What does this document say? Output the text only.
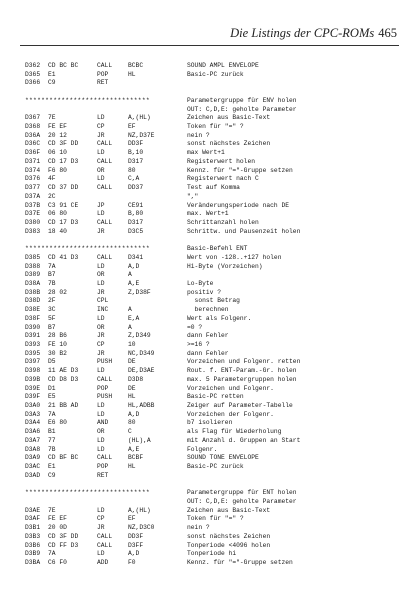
Die Listings der CPC-ROMs 465
D362 CD BC BC	CALL	BCBC	SOUND AMPL ENVELOPE
D365 E1	POP	HL	Basic-PC zurück
D366 C9	RET
*******************************	Parametergruppe für ENV holen
OUT: C,D,E: geholte Parameter
D367 7E	LD	A,(HL)	Zeichen aus Basic-Text
D368 FE EF	CP	EF	Token für "=" ?
D36A 20 12	JR	NZ,D37E	nein ?
D36C CD 3F DD	CALL	DD3F	sonst nächstes Zeichen
D36F 06 10	LD	B,10	max Wert+1
D371 CD 17 D3	CALL	D317	Registerwert holen
D374 F6 80	OR	80	Kennz. für "="-Gruppe setzen
D376 4F	LD	C,A	Registerwert nach C
D377 CD 37 DD	CALL	DD37	Test auf Komma
D37A 2C	","
D37B C3 91 CE	JP	CE91	Veränderungsperiode nach DE
D37E 06 80	LD	B,80	max. Wert+1
D380 CD 17 D3	CALL	D317	Schrittanzahl holen
D383 18 40	JR	D3C5	Schrittw. und Pausenzeit holen
*******************************	Basic-Befehl ENT
D385 CD 41 D3	CALL	D341	Wert von -128..+127 holen
D388 7A	LD	A,D	Hi-Byte (Vorzeichen)
D389 B7	OR	A
D38A 7B	LD	A,E	Lo-Byte
D38B 28 02	JR	Z,D38F	positiv ?
D38D 2F	CPL	sonst Betrag
D38E 3C	INC	A	berechnen
D38F 5F	LD	E,A	Wert als Folgenr.
D390 B7	OR	A	=0 ?
D391 28 B6	JR	Z,D349	dann Fehler
D393 FE 10	CP	10	>=16 ?
D395 30 B2	JR	NC,D349	dann Fehler
D397 D5	PUSH	DE	Vorzeichen und Folgenr. retten
D398 11 AE D3	LD	DE,D3AE	Rout. f. ENT-Param.-Gr. holen
D39B CD D8 D3	CALL	D3D8	max. 5 Parametergruppen holen
D39E D1	POP	DE	Vorzeichen und Folgenr.
D39F E5	PUSH	HL	Basic-PC retten
D3A0 21 BB AD	LD	HL,ADBB	Zeiger auf Parameter-Tabelle
D3A3 7A	LD	A,D	Vorzeichen der Folgenr.
D3A4 E6 80	AND	80	b7 isolieren
D3A6 B1	OR	C	als Flag für Wiederholung
D3A7 77	LD	(HL),A	mit Anzahl d. Gruppen an Start
D3A8 7B	LD	A,E	Folgenr.
D3A9 CD BF BC	CALL	BCBF	SOUND TONE ENVELOPE
D3AC E1	POP	HL	Basic-PC zurück
D3AD C9	RET
*******************************	Parametergruppe für ENT holen
OUT: C,D,E: geholte Parameter
D3AE 7E	LD	A,(HL)	Zeichen aus Basic-Text
D3AF FE EF	CP	EF	Token für "=" ?
D3B1 20 0D	JR	NZ,D3C0	nein ?
D3B3 CD 3F DD	CALL	DD3F	sonst nächstes Zeichen
D3B6 CD FF D3	CALL	D3FF	Tonperiode <4096 holen
D3B9 7A	LD	A,D	Tonperiode hi
D3BA C6 F0	ADD	F0	Kennz. für "="-Gruppe setzen
